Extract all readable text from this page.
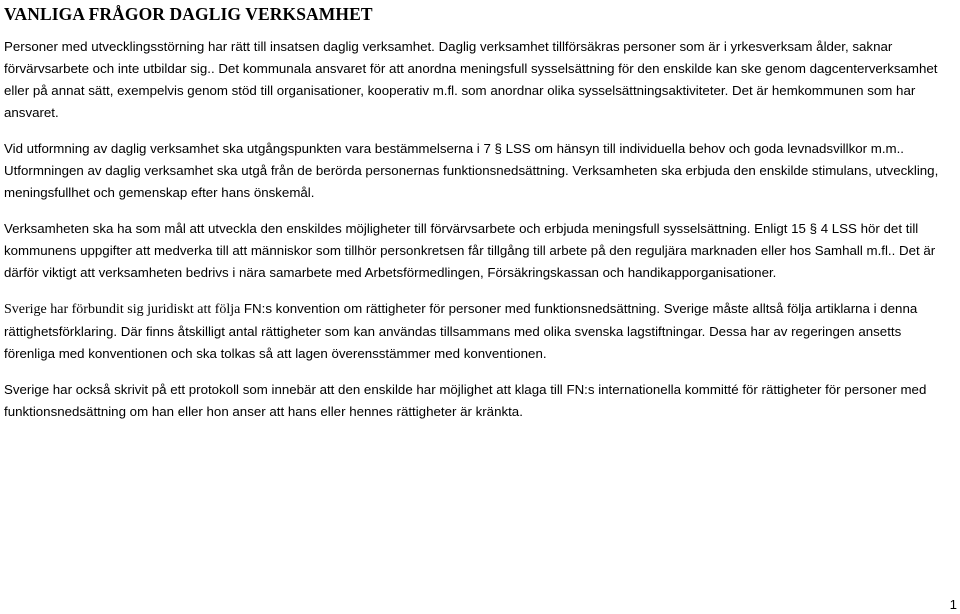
VANLIGA FRÅGOR DAGLIG VERKSAMHET

Personer med utvecklingsstörning har rätt till insatsen daglig verksamhet. Daglig verksamhet tillförsäkras personer som är i yrkesverksam ålder, saknar förvärvsarbete och inte utbildar sig.. Det kommunala ansvaret för att anordna meningsfull sysselsättning för den enskilde kan ske genom dagcenterverksamhet eller på annat sätt, exempelvis genom stöd till organisationer, kooperativ m.fl. som anordnar olika sysselsättningsaktiviteter. Det är hemkommunen som har ansvaret.

Vid utformning av daglig verksamhet ska utgångspunkten vara bestämmelserna i 7 § LSS om hänsyn till individuella behov och goda levnadsvillkor m.m.. Utformningen av daglig verksamhet ska utgå från de berörda personernas funktionsnedsättning. Verksamheten ska erbjuda den enskilde stimulans, utveckling, meningsfullhet och gemenskap efter hans önskemål.

Verksamheten ska ha som mål att utveckla den enskildes möjligheter till förvärvsarbete och erbjuda meningsfull sysselsättning. Enligt 15 § 4 LSS hör det till kommunens uppgifter att medverka till att människor som tillhör personkretsen får tillgång till arbete på den reguljära marknaden eller hos Samhall m.fl.. Det är därför viktigt att verksamheten bedrivs i nära samarbete med Arbetsförmedlingen, Försäkringskassan och handikapporganisationer.

Sverige har förbundit sig juridiskt att följa FN:s konvention om rättigheter för personer med funktionsnedsättning. Sverige måste alltså följa artiklarna i denna rättighetsförklaring. Där finns åtskilligt antal rättigheter som kan användas tillsammans med olika svenska lagstiftningar. Dessa har av regeringen ansetts förenliga med konventionen och ska tolkas så att lagen överensstämmer med konventionen.

Sverige har också skrivit på ett protokoll som innebär att den enskilde har möjlighet att klaga till FN:s internationella kommitté för rättigheter för personer med funktionsnedsättning om han eller hon anser att hans eller hennes rättigheter är kränkta.

1
